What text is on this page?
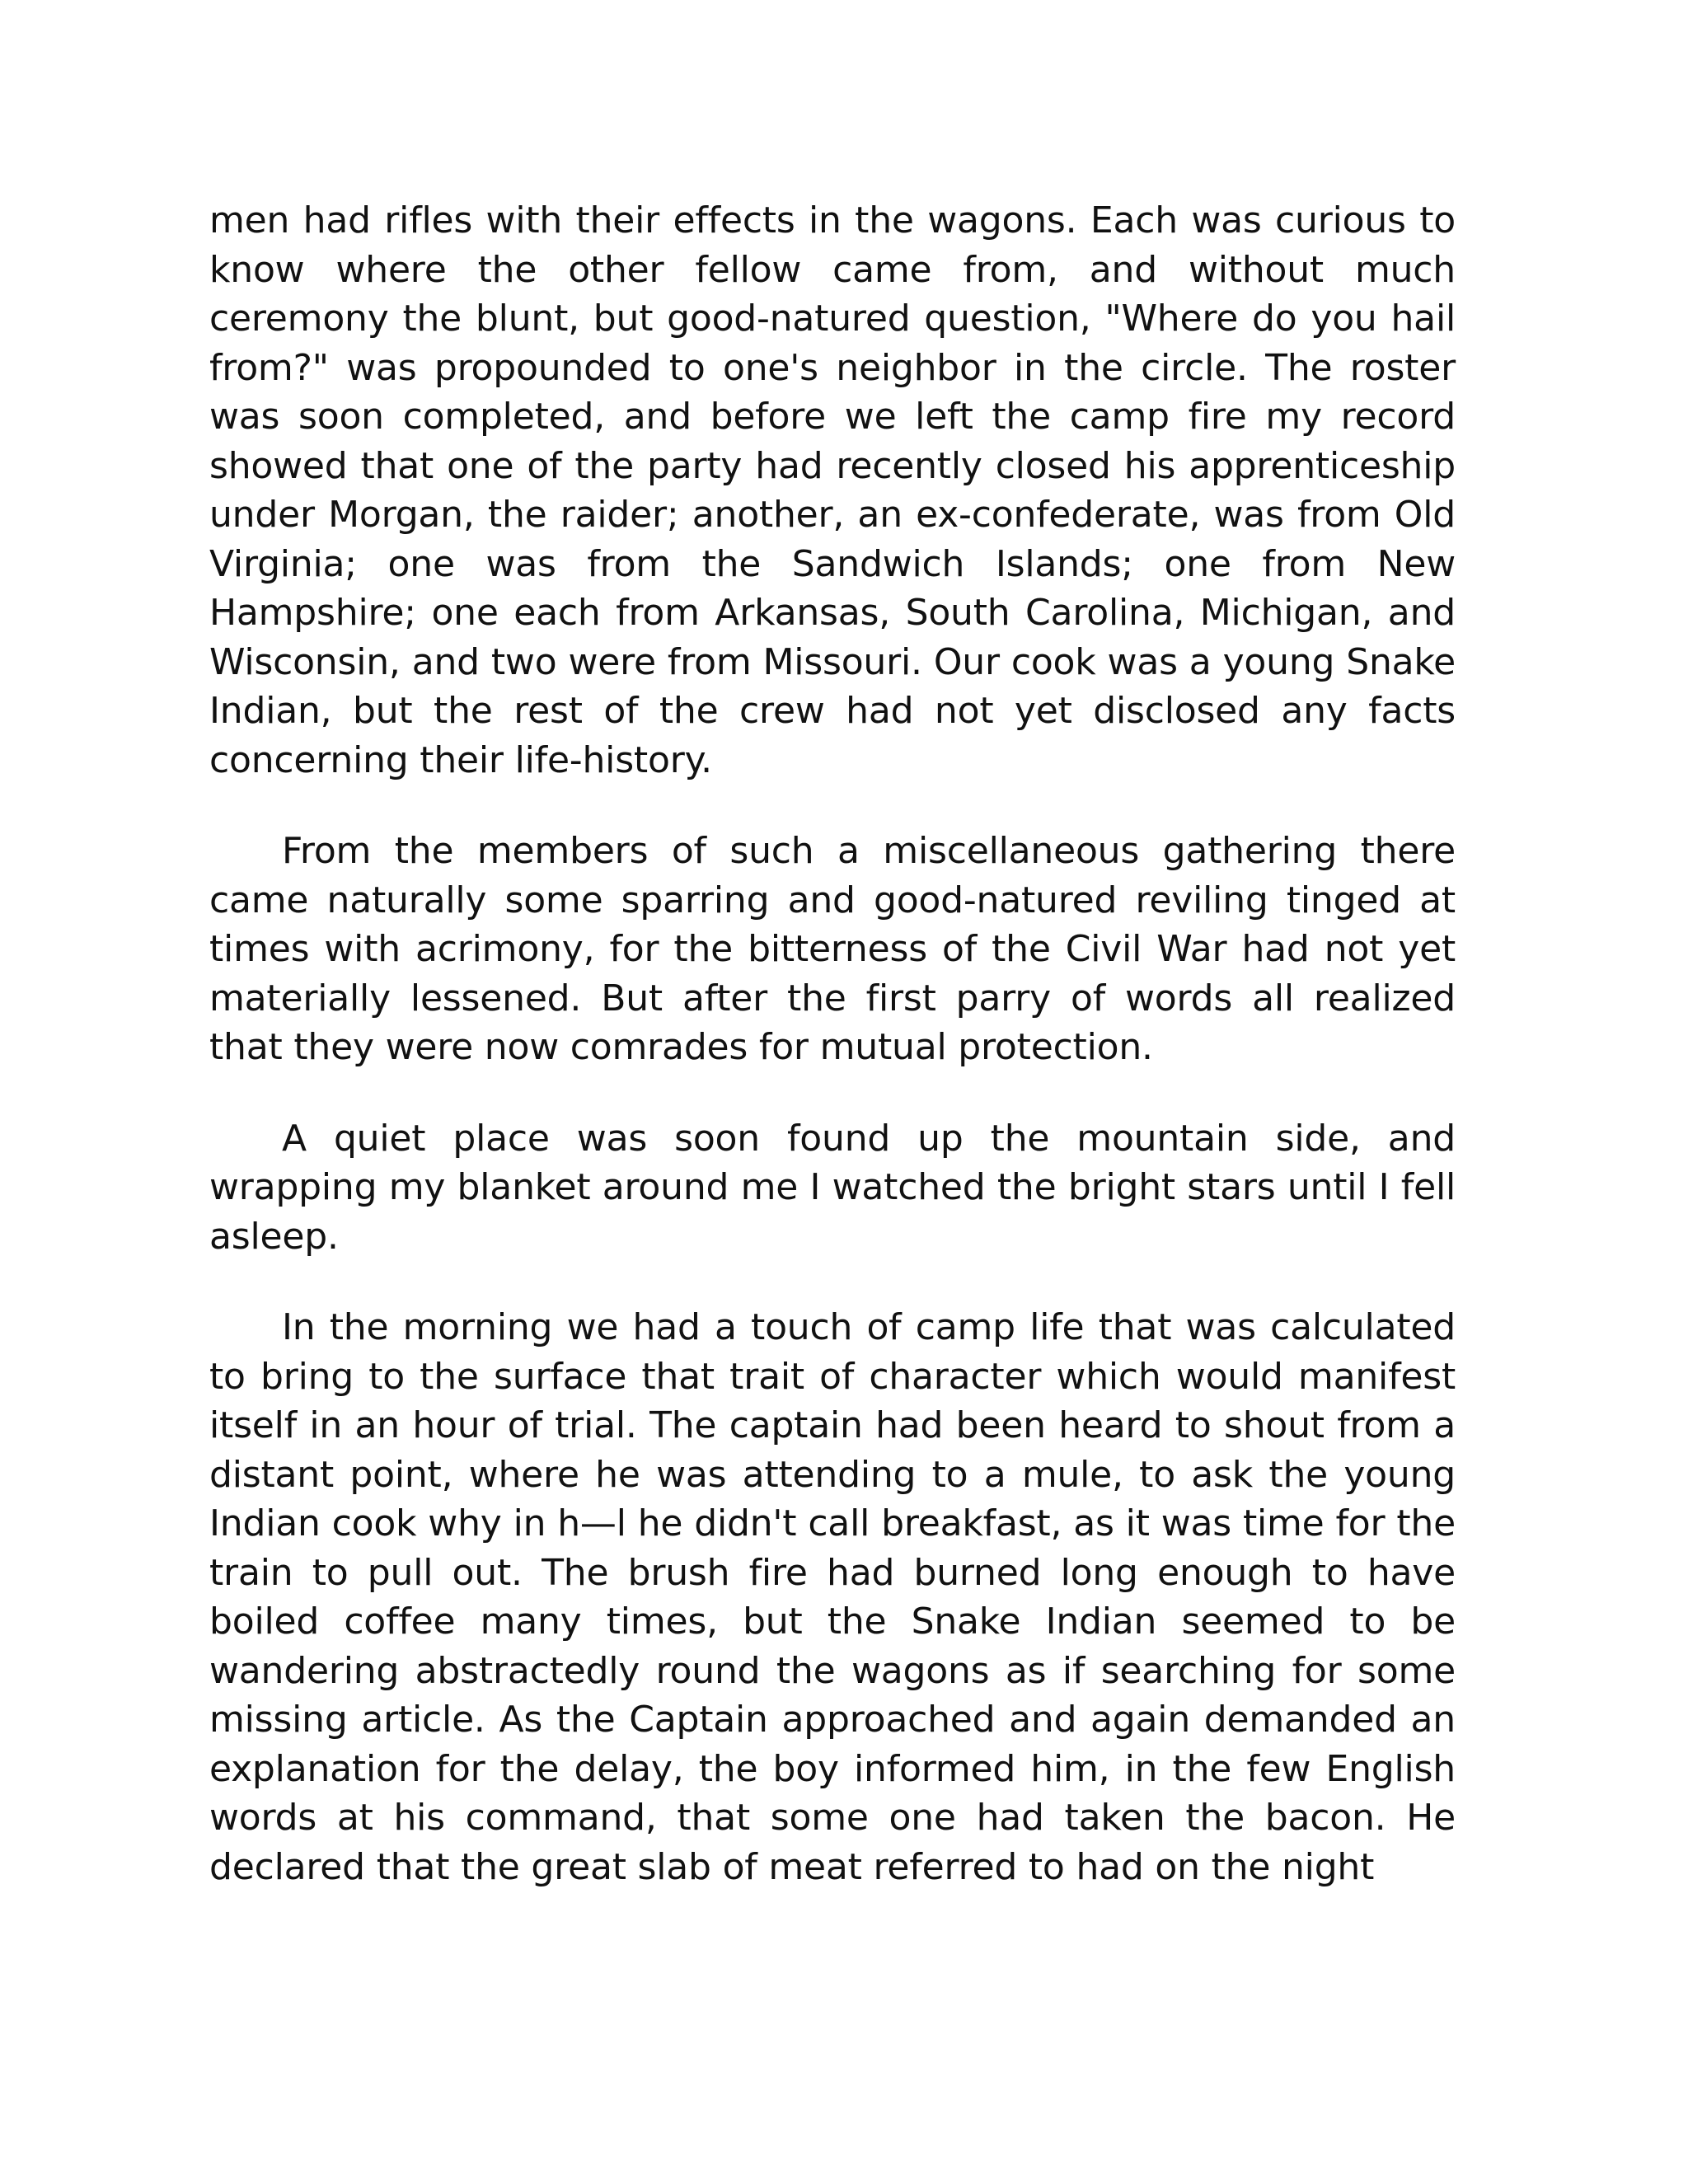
men had rifles with their effects in the wagons. Each was curious to know where the other fellow came from, and without much ceremony the blunt, but good-natured question, "Where do you hail from?" was propounded to one's neighbor in the circle. The roster was soon completed, and before we left the camp fire my record showed that one of the party had recently closed his apprenticeship under Morgan, the raider; another, an ex-confederate, was from Old Virginia; one was from the Sandwich Islands; one from New Hampshire; one each from Arkansas, South Carolina, Michigan, and Wisconsin, and two were from Missouri. Our cook was a young Snake Indian, but the rest of the crew had not yet disclosed any facts concerning their life-history.

From the members of such a miscellaneous gathering there came naturally some sparring and good-natured reviling tinged at times with acrimony, for the bitterness of the Civil War had not yet materially lessened. But after the first parry of words all realized that they were now comrades for mutual protection.

A quiet place was soon found up the mountain side, and wrapping my blanket around me I watched the bright stars until I fell asleep.

In the morning we had a touch of camp life that was calculated to bring to the surface that trait of character which would manifest itself in an hour of trial. The captain had been heard to shout from a distant point, where he was attending to a mule, to ask the young Indian cook why in h—l he didn't call breakfast, as it was time for the train to pull out. The brush fire had burned long enough to have boiled coffee many times, but the Snake Indian seemed to be wandering abstractedly round the wagons as if searching for some missing article. As the Captain approached and again demanded an explanation for the delay, the boy informed him, in the few English words at his command, that some one had taken the bacon. He declared that the great slab of meat referred to had on the night
